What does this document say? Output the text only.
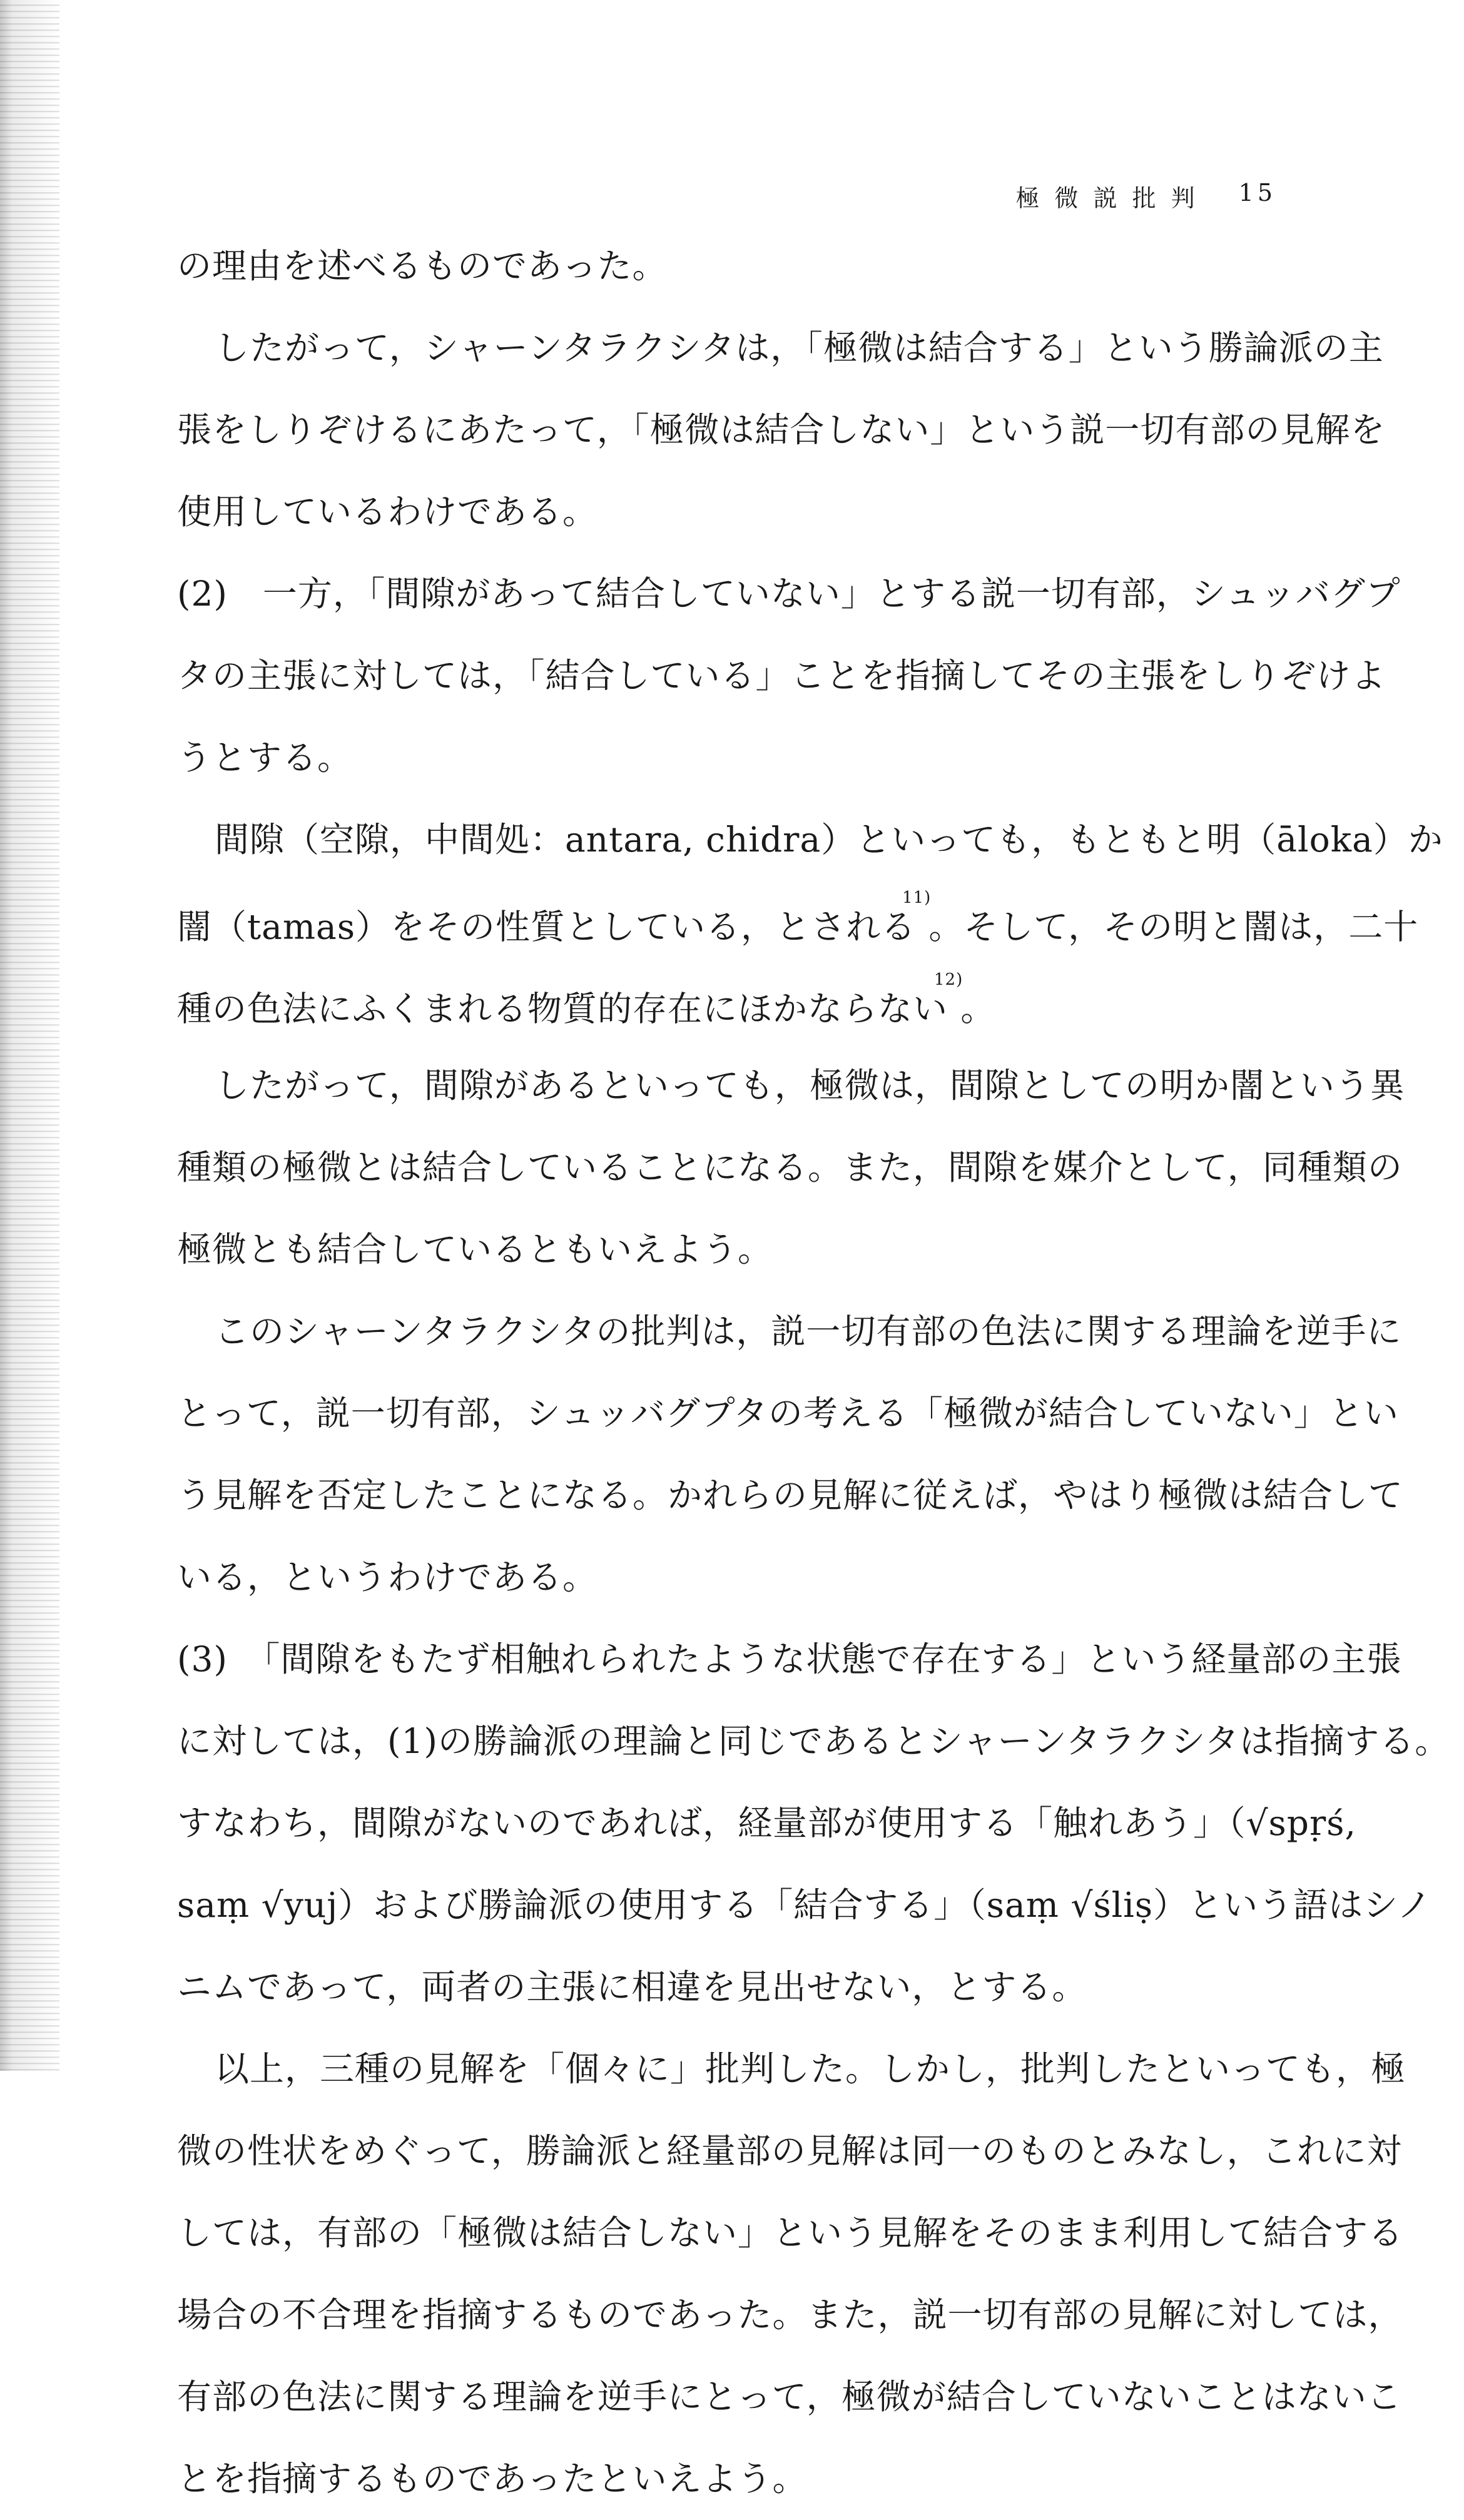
極 微 説 批 判 15
の理由を述べるものであった。
したがって，シャーンタラクシタは，「極微は結合する」という勝論派の主
張をしりぞけるにあたって，「極微は結合しない」という説一切有部の見解を
使用しているわけである。
(2)　一方，「間隙があって結合していない」とする説一切有部，シュッバグプ
タの主張に対しては，「結合している」ことを指摘してその主張をしりぞけよ
うとする。
間隙（空隙，中間処：antara, chidra）といっても，もともと明（āloka）か
闇（tamas）をその性質としている，とされる$^{11)}$。そして，その明と闇は，二十
種の色法にふくまれる物質的存在にほかならない$^{12)}$。
したがって，間隙があるといっても，極微は，間隙としての明か闇という異
種類の極微とは結合していることになる。また，間隙を媒介として，同種類の
極微とも結合しているともいえよう。
このシャーンタラクシタの批判は，説一切有部の色法に関する理論を逆手に
とって，説一切有部，シュッバグプタの考える「極微が結合していない」とい
う見解を否定したことになる。かれらの見解に従えば，やはり極微は結合して
いる，というわけである。
(3)　「間隙をもたず相触れられたような状態で存在する」という経量部の主張
に対しては，(1)の勝論派の理論と同じであるとシャーンタラクシタは指摘する。
すなわち，間隙がないのであれば，経量部が使用する「触れあう」（√spṛś,
saṃ √yuj）および勝論派の使用する「結合する」（saṃ √śliṣ）という語はシノ
ニムであって，両者の主張に相違を見出せない，とする。
以上，三種の見解を「個々に」批判した。しかし，批判したといっても，極
微の性状をめぐって，勝論派と経量部の見解は同一のものとみなし，これに対
しては，有部の「極微は結合しない」という見解をそのまま利用して結合する
場合の不合理を指摘するものであった。また，説一切有部の見解に対しては，
有部の色法に関する理論を逆手にとって，極微が結合していないことはないこ
とを指摘するものであったといえよう。
